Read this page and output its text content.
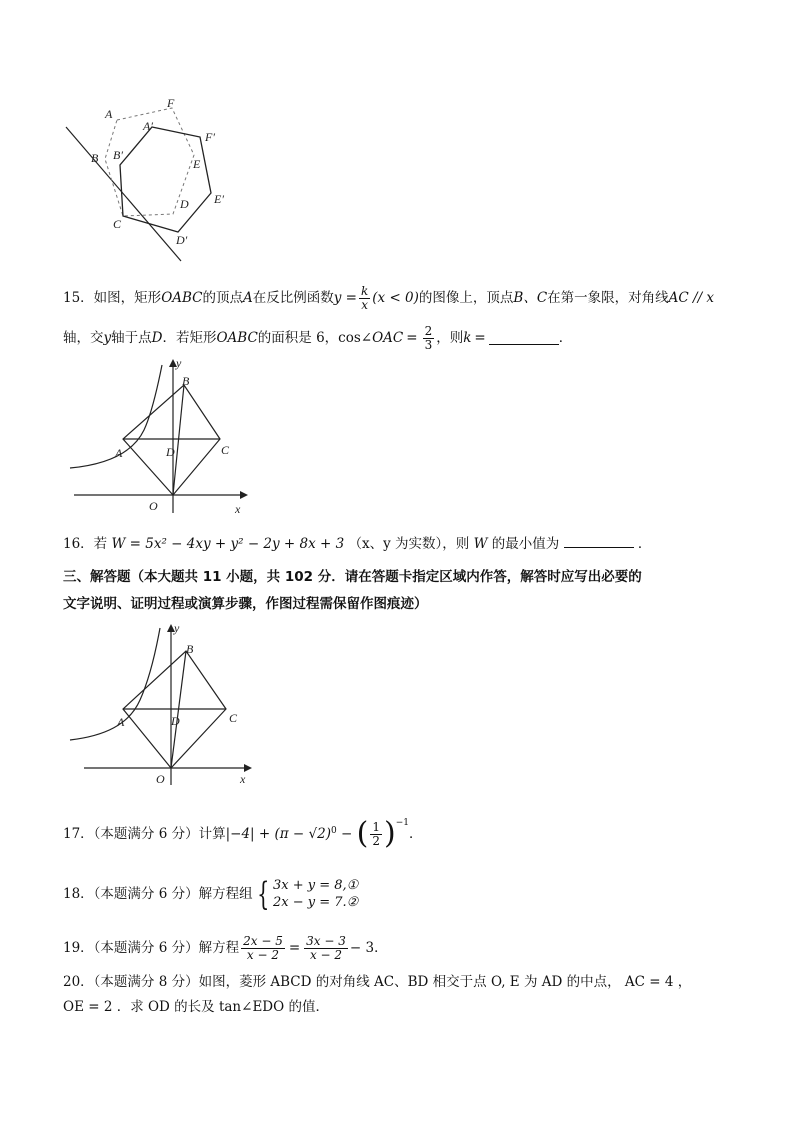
A
F
A′
F′
B B′
E
D E′
C
D′
15．如图，矩形 OABC 的顶点 A 在反比例函数 $y = \frac{k}{x} (x < 0)$ 的图像上，顶点 B、C 在第一象限，对角线 AC // x
轴，交 y 轴于点 D ．若矩形 OABC 的面积是 6，cos∠ OAC = $\frac{2}{3}$ ，则 k =	．
y
B
C
D
A
O	x
16．若 W = 5x² − 4xy + y² − 2y + 8x + 3 （x、y 为实数），则 W 的最小值为	．
三、解答题（本大题共 11 小题，共 102 分．请在答题卡指定区域内作答，解答时应写出必要的
文字说明、证明过程或演算步骤，作图过程需保留作图痕迹）
y
B
C
D
A
O	x
17．（本题满分 6 分）计算 $|-4| + (\pi - √2)^0$ − ( $\frac{1}{2} )^{-1}$
．
18．（本题满分 6 分）解方程组 { 3x + y = 8,①
2x − y = 7.②
19．（本题满分 6 分）解方程 $\frac{2x - 5}{x - 2} = \frac{3x - 3}{x - 2} - 3$．
20．（本题满分 8 分）如图，菱形 ABCD 的对角线 AC、BD 相交于点 O, E 为 AD 的中点， AC = 4 ，
OE = 2 ．求 OD 的长及 tan∠EDO 的值．
